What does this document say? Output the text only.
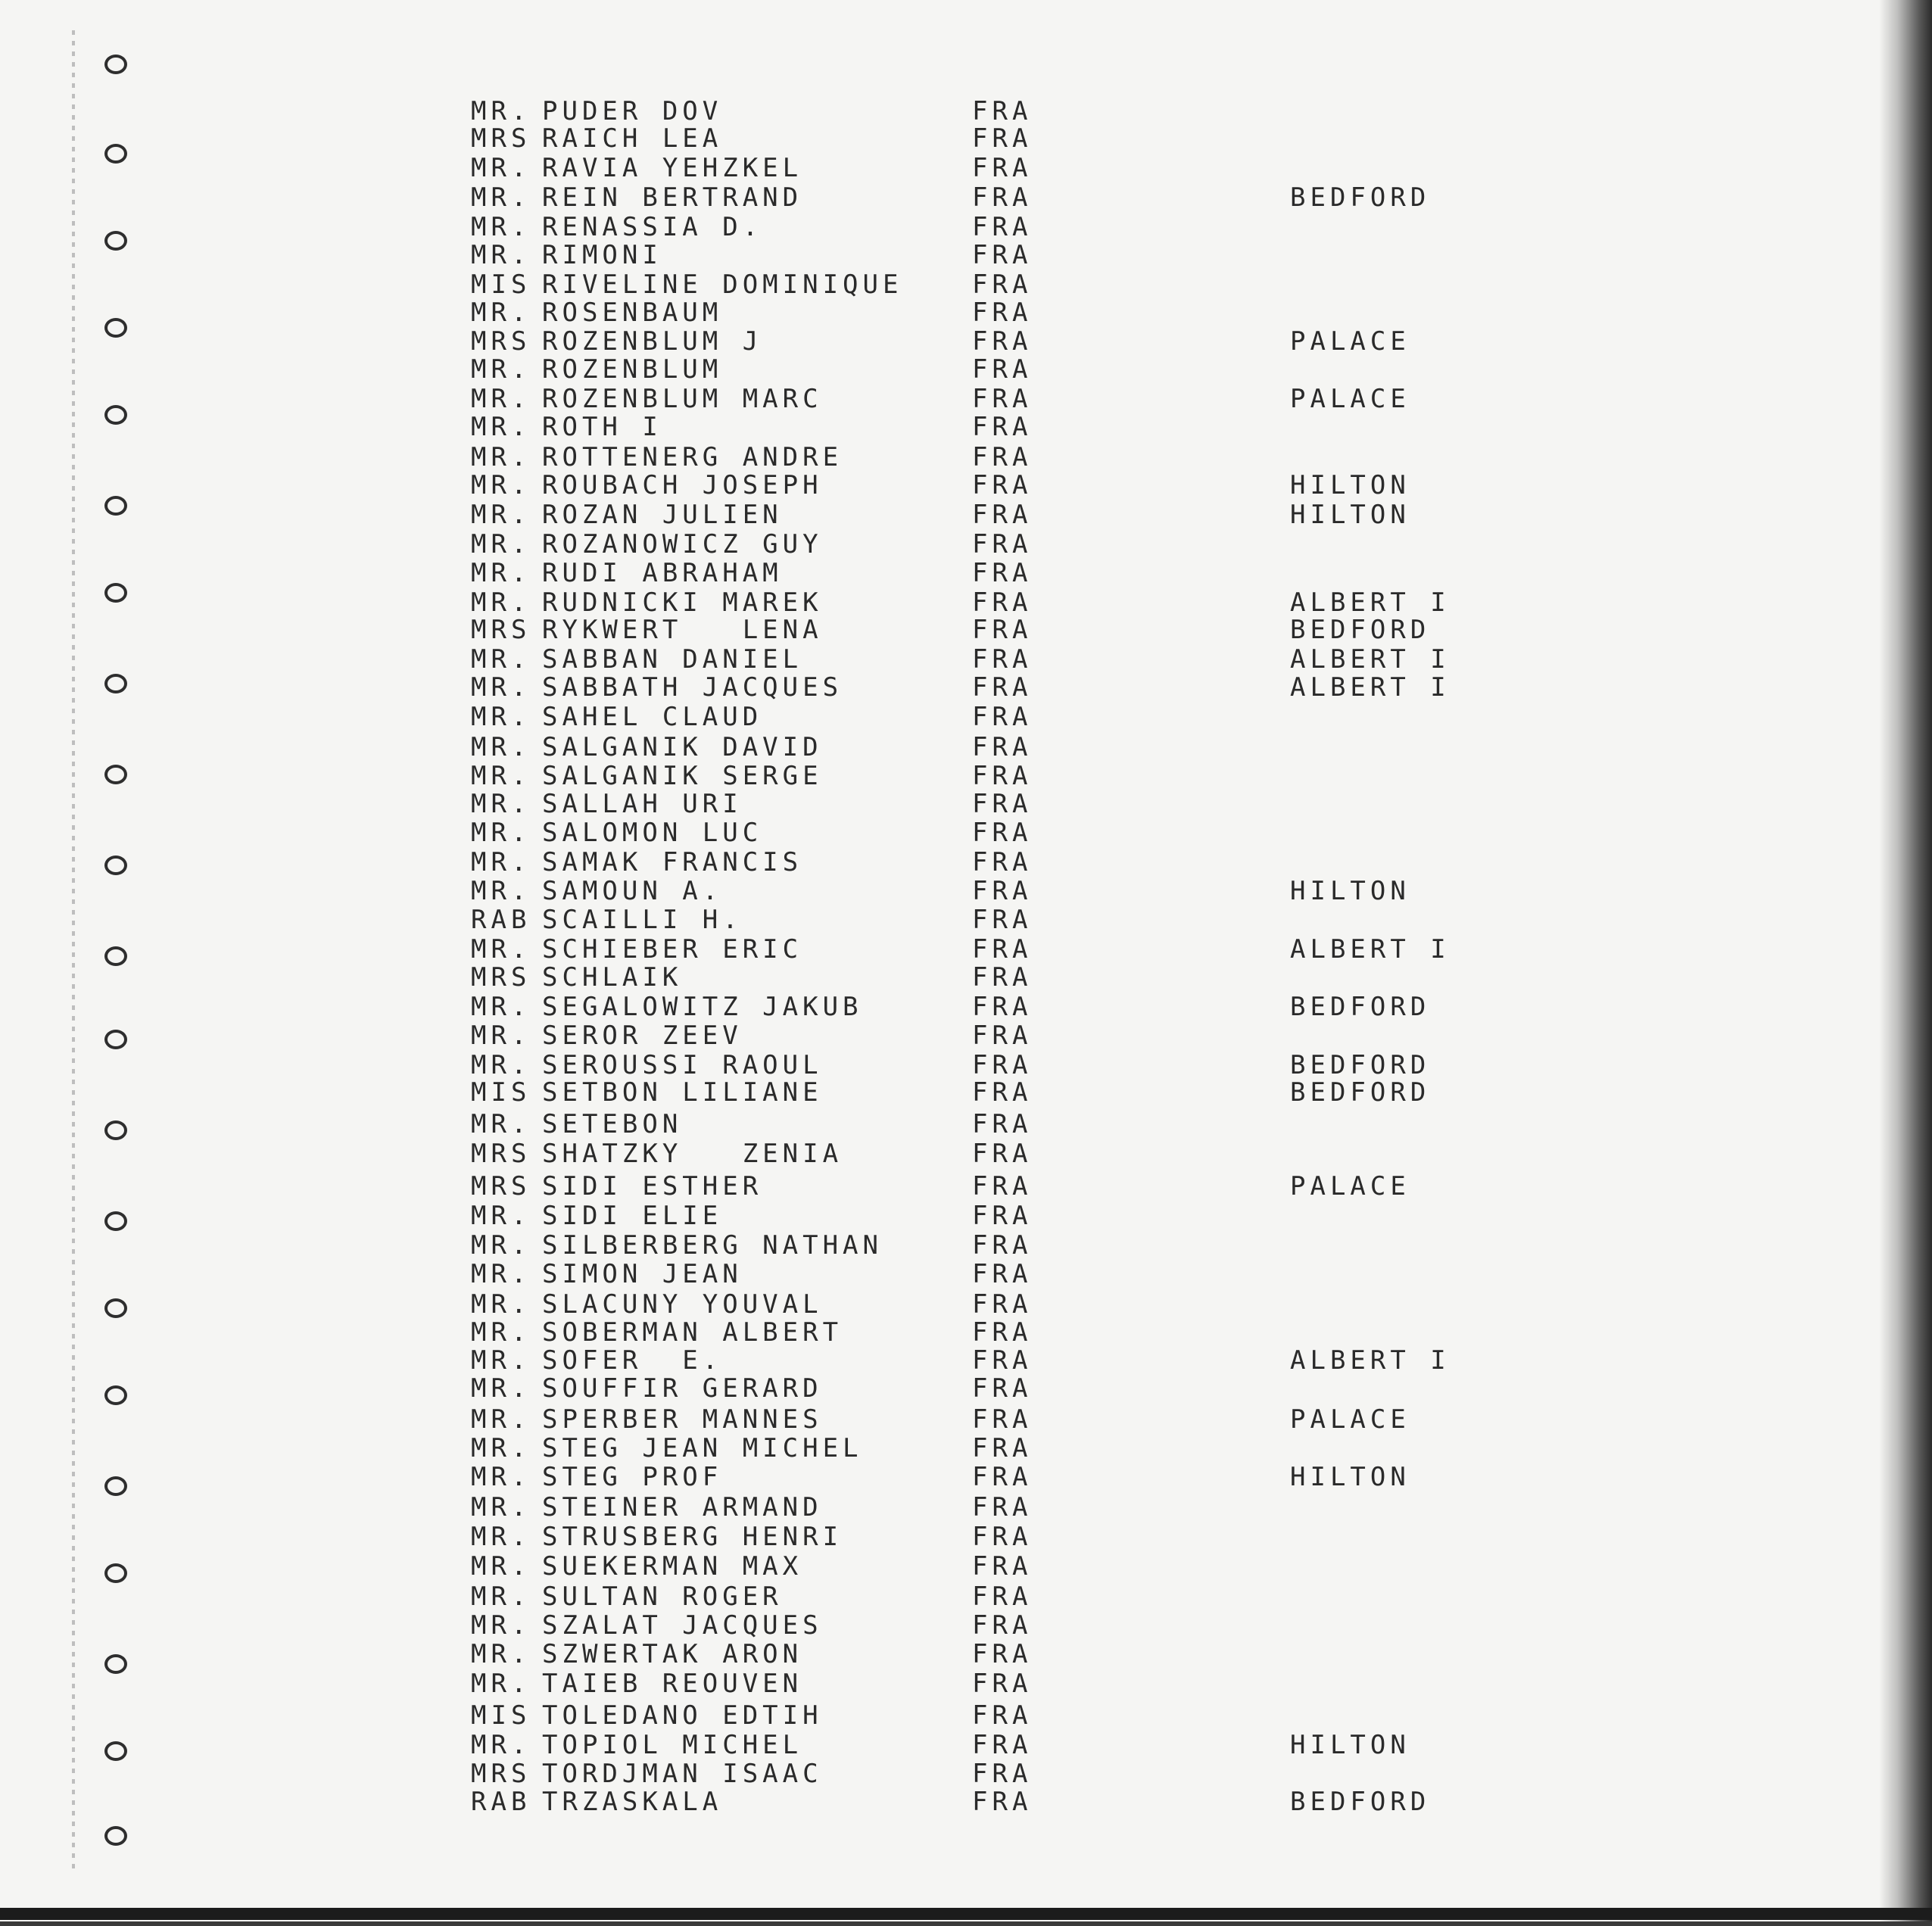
MR. PUDER DOV	FRA
MRS RAICH LEA	FRA
MR. RAVIA YEHZKEL	FRA
MR. REIN BERTRAND	FRA	BEDFORD
MR. RENASSIA D.	FRA
MR. RIMONI	FRA
MIS RIVELINE DOMINIQUE	FRA
MR. ROSENBAUM	FRA
MRS ROZENBLUM J	FRA	PALACE
MR. ROZENBLUM	FRA
MR. ROZENBLUM MARC	FRA	PALACE
MR. ROTH I	FRA
MR. ROTTENERG ANDRE	FRA
MR. ROUBACH JOSEPH	FRA	HILTON
MR. ROZAN JULIEN	FRA	HILTON
MR. ROZANOWICZ GUY	FRA
MR. RUDI ABRAHAM	FRA
MR. RUDNICKI MAREK	FRA	ALBERT I
MRS RYKWERT   LENA	FRA	BEDFORD
MR. SABBAN DANIEL	FRA	ALBERT I
MR. SABBATH JACQUES	FRA	ALBERT I
MR. SAHEL CLAUD	FRA
MR. SALGANIK DAVID	FRA
MR. SALGANIK SERGE	FRA
MR. SALLAH URI	FRA
MR. SALOMON LUC	FRA
MR. SAMAK FRANCIS	FRA
MR. SAMOUN A.	FRA	HILTON
RAB SCAILLI H.	FRA
MR. SCHIEBER ERIC	FRA	ALBERT I
MRS SCHLAIK	FRA
MR. SEGALOWITZ JAKUB	FRA	BEDFORD
MR. SEROR ZEEV	FRA
MR. SEROUSSI RAOUL	FRA	BEDFORD
MIS SETBON LILIANE	FRA	BEDFORD
MR. SETEBON	FRA
MRS SHATZKY   ZENIA	FRA
MRS SIDI ESTHER	FRA	PALACE
MR. SIDI ELIE	FRA
MR. SILBERBERG NATHAN	FRA
MR. SIMON JEAN	FRA
MR. SLACUNY YOUVAL	FRA
MR. SOBERMAN ALBERT	FRA
MR. SOFER  E.	FRA	ALBERT I
MR. SOUFFIR GERARD	FRA
MR. SPERBER MANNES	FRA	PALACE
MR. STEG JEAN MICHEL	FRA
MR. STEG PROF	FRA	HILTON
MR. STEINER ARMAND	FRA
MR. STRUSBERG HENRI	FRA
MR. SUEKERMAN MAX	FRA
MR. SULTAN ROGER	FRA
MR. SZALAT JACQUES	FRA
MR. SZWERTAK ARON	FRA
MR. TAIEB REOUVEN	FRA
MIS TOLEDANO EDTIH	FRA
MR. TOPIOL MICHEL	FRA	HILTON
MRS TORDJMAN ISAAC	FRA
RAB TRZASKALA	FRA	BEDFORD
